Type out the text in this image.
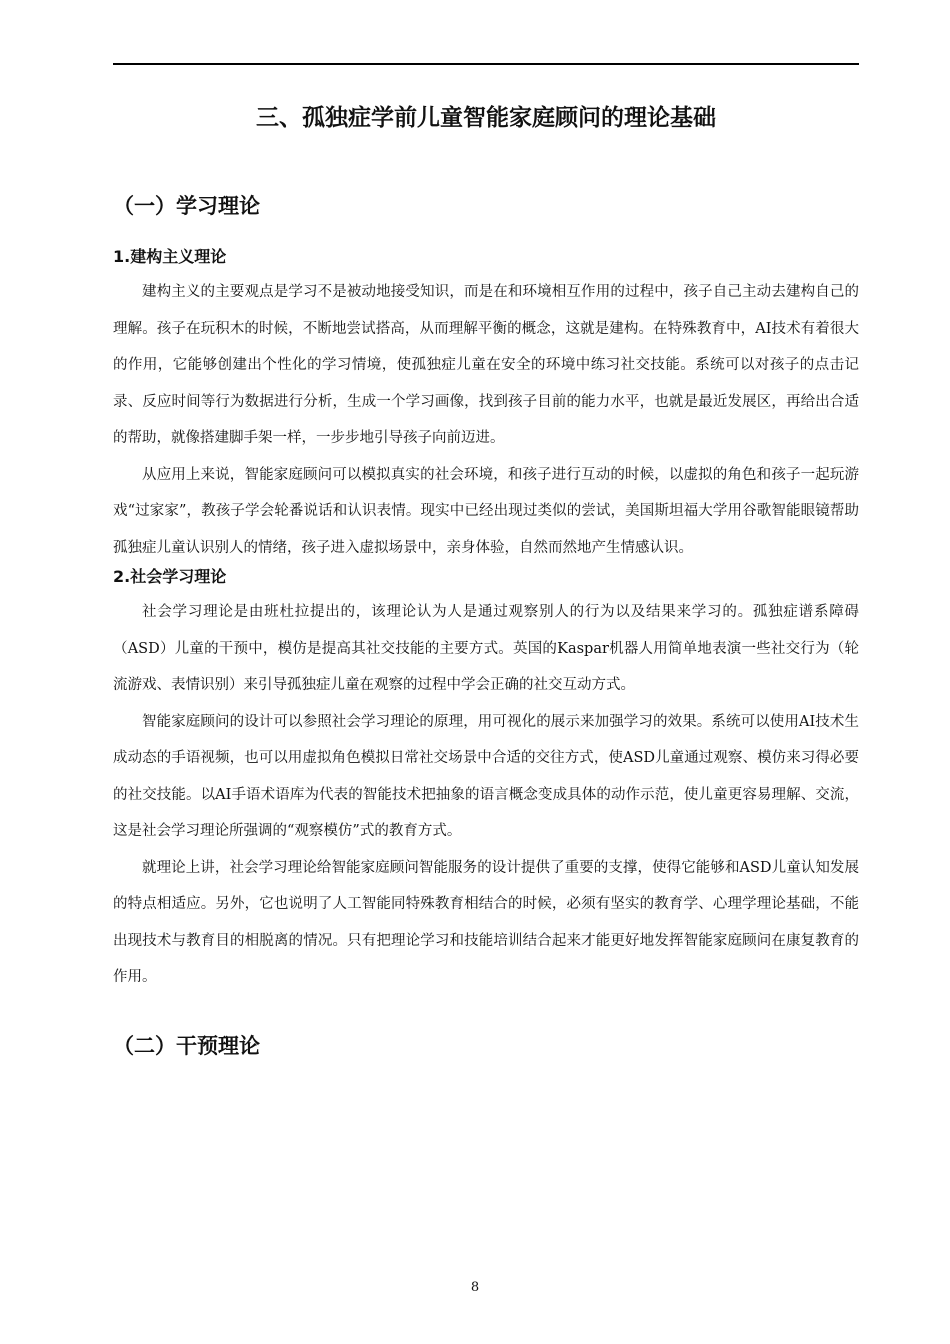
三、孤独症学前儿童智能家庭顾问的理论基础
（一）学习理论
1.建构主义理论

建构主义的主要观点是学习不是被动地接受知识，而是在和环境相互作用的过程中，孩子自己主动去建构自己的理解。孩子在玩积木的时候，不断地尝试搭高，从而理解平衡的概念，这就是建构。在特殊教育中，AI技术有着很大的作用，它能够创建出个性化的学习情境，使孤独症儿童在安全的环境中练习社交技能。系统可以对孩子的点击记录、反应时间等行为数据进行分析，生成一个学习画像，找到孩子目前的能力水平，也就是最近发展区，再给出合适的帮助，就像搭建脚手架一样，一步步地引导孩子向前迈进。

从应用上来说，智能家庭顾问可以模拟真实的社会环境，和孩子进行互动的时候，以虚拟的角色和孩子一起玩游戏“过家家”，教孩子学会轮番说话和认识表情。现实中已经出现过类似的尝试，美国斯坦福大学用谷歌智能眼镜帮助孤独症儿童认识别人的情绪，孩子进入虚拟场景中，亲身体验，自然而然地产生情感认识。

2.社会学习理论

社会学习理论是由班杜拉提出的，该理论认为人是通过观察别人的行为以及结果来学习的。孤独症谱系障碍（ASD）儿童的干预中，模仿是提高其社交技能的主要方式。英国的Kaspar机器人用简单地表演一些社交行为（轮流游戏、表情识别）来引导孤独症儿童在观察的过程中学会正确的社交互动方式。

智能家庭顾问的设计可以参照社会学习理论的原理，用可视化的展示来加强学习的效果。系统可以使用AI技术生成动态的手语视频，也可以用虚拟角色模拟日常社交场景中合适的交往方式，使ASD儿童通过观察、模仿来习得必要的社交技能。以AI手语术语库为代表的智能技术把抽象的语言概念变成具体的动作示范，使儿童更容易理解、交流，这是社会学习理论所强调的“观察模仿”式的教育方式。

就理论上讲，社会学习理论给智能家庭顾问智能服务的设计提供了重要的支撑，使得它能够和ASD儿童认知发展的特点相适应。另外，它也说明了人工智能同特殊教育相结合的时候，必须有坚实的教育学、心理学理论基础，不能出现技术与教育目的相脱离的情况。只有把理论学习和技能培训结合起来才能更好地发挥智能家庭顾问在康复教育的作用。

（二）干预理论
8
